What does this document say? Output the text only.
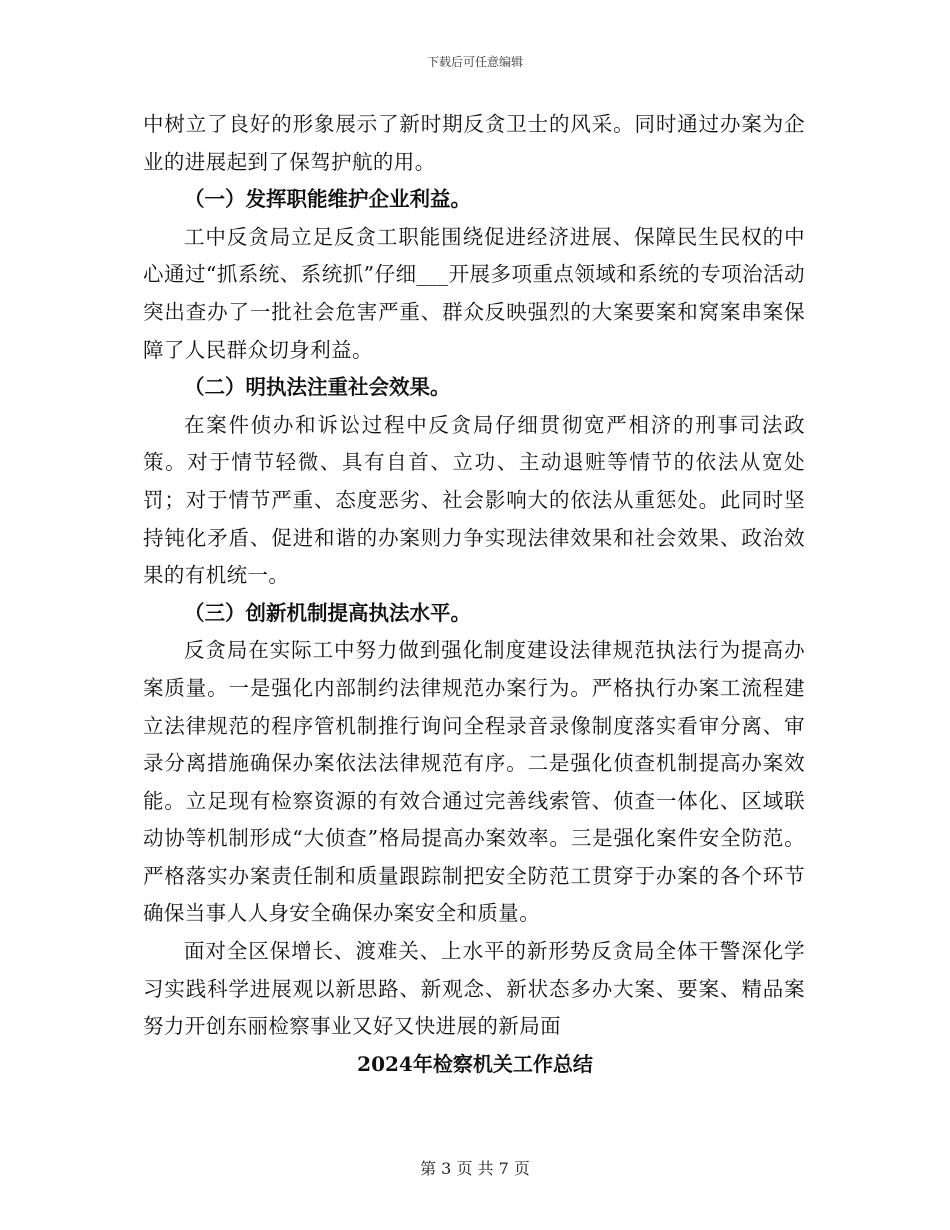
下载后可任意编辑

中树立了良好的形象展示了新时期反贪卫士的风采。同时通过办案为企业的进展起到了保驾护航的用。

（一）发挥职能维护企业利益。

工中反贪局立足反贪工职能围绕促进经济进展、保障民生民权的中心通过“抓系统、系统抓”仔细___开展多项重点领域和系统的专项治活动突出查办了一批社会危害严重、群众反映强烈的大案要案和窝案串案保障了人民群众切身利益。

（二）明执法注重社会效果。

在案件侦办和诉讼过程中反贪局仔细贯彻宽严相济的刑事司法政策。对于情节轻微、具有自首、立功、主动退赃等情节的依法从宽处罚；对于情节严重、态度恶劣、社会影响大的依法从重惩处。此同时坚持钝化矛盾、促进和谐的办案则力争实现法律效果和社会效果、政治效果的有机统一。

（三）创新机制提高执法水平。

反贪局在实际工中努力做到强化制度建设法律规范执法行为提高办案质量。一是强化内部制约法律规范办案行为。严格执行办案工流程建立法律规范的程序管机制推行询问全程录音录像制度落实看审分离、审录分离措施确保办案依法法律规范有序。二是强化侦查机制提高办案效能。立足现有检察资源的有效合通过完善线索管、侦查一体化、区域联动协等机制形成“大侦查”格局提高办案效率。三是强化案件安全防范。严格落实办案责任制和质量跟踪制把安全防范工贯穿于办案的各个环节确保当事人人身安全确保办案安全和质量。

面对全区保增长、渡难关、上水平的新形势反贪局全体干警深化学习实践科学进展观以新思路、新观念、新状态多办大案、要案、精品案努力开创东丽检察事业又好又快进展的新局面

2024年检察机关工作总结
第 3 页 共 7 页
